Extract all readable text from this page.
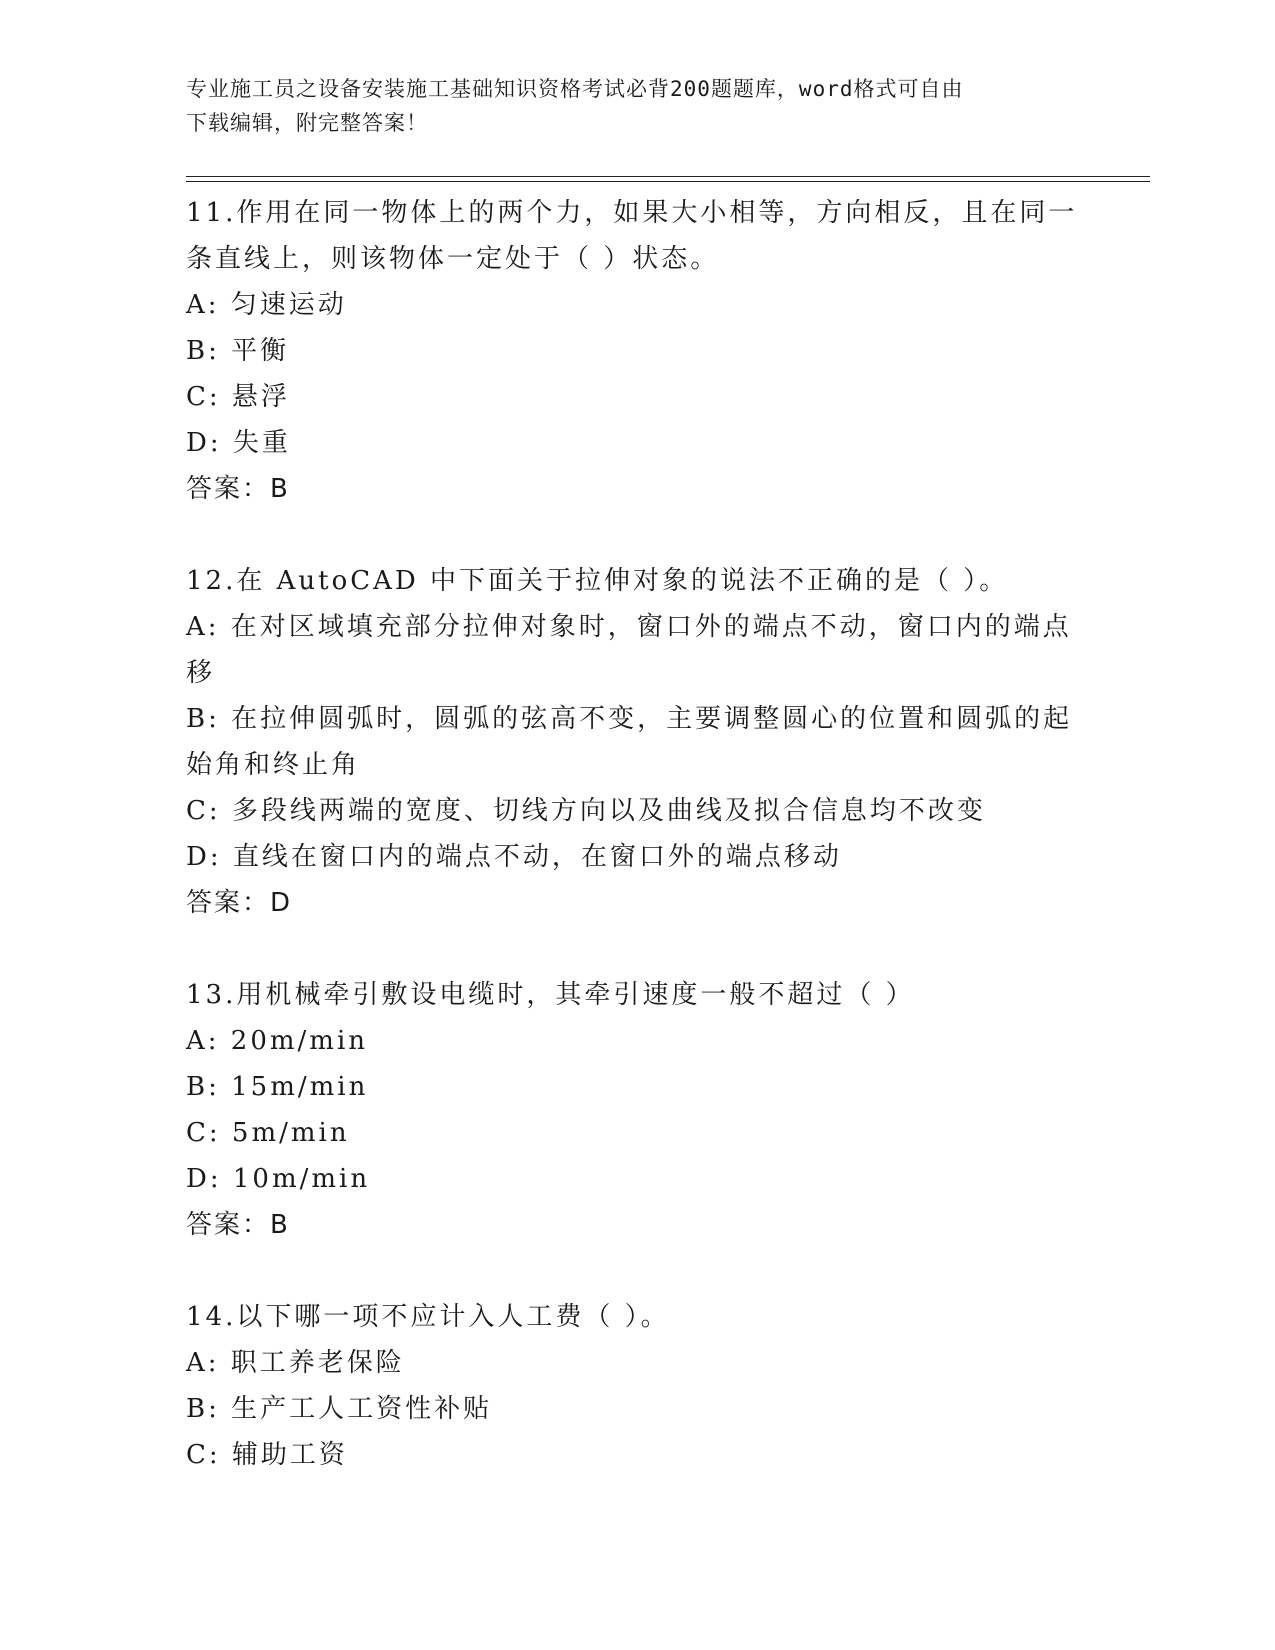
专业施工员之设备安装施工基础知识资格考试必背200题题库，word格式可自由
下载编辑，附完整答案！
11.作用在同一物体上的两个力，如果大小相等，方向相反，且在同一
条直线上，则该物体一定处于（ ）状态。
A: 匀速运动
B: 平衡
C: 悬浮
D: 失重
答案：B
12.在 AutoCAD 中下面关于拉伸对象的说法不正确的是（ ）。
A: 在对区域填充部分拉伸对象时，窗口外的端点不动，窗口内的端点
移
B: 在拉伸圆弧时，圆弧的弦高不变，主要调整圆心的位置和圆弧的起
始角和终止角
C: 多段线两端的宽度、切线方向以及曲线及拟合信息均不改变
D: 直线在窗口内的端点不动，在窗口外的端点移动
答案：D
13.用机械牵引敷设电缆时，其牵引速度一般不超过（ ）
A: 20m/min
B: 15m/min
C: 5m/min
D: 10m/min
答案：B
14.以下哪一项不应计入人工费（ ）。
A: 职工养老保险
B: 生产工人工资性补贴
C: 辅助工资
